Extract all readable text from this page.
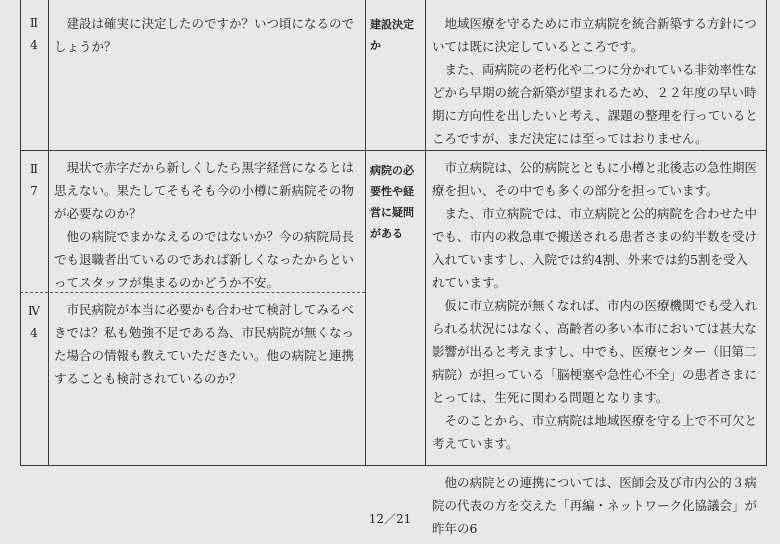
Ⅱ
4

建設は確実に決定したのですか？いつ頃になるのでしょうか？

建設決定か

地域医療を守るために市立病院を統合新築する方針については既に決定しているところです。

また、両病院の老朽化や二つに分かれている非効率性などから早期の統合新築が望まれるため、２２年度の早い時期に方向性を出したいと考え、課題の整理を行っているところですが、まだ決定には至ってはおりません。

Ⅱ
7

現状で赤字だから新しくしたら黒字経営になるとは思えない。果たしてそもそも今の小樽に新病院その物が必要なのか？

他の病院でまかなえるのではないか？今の病院局長でも退職者出ているのであれば新しくなったからといってスタッフが集まるのかどうか不安。

Ⅳ
4

市民病院が本当に必要かも合わせて検討してみるべきでは？私も勉強不足である為、市民病院が無くなった場合の情報も教えていただきたい。他の病院と連携することも検討されているのか？

病院の必要性や経営に疑問がある

市立病院は、公的病院とともに小樽と北後志の急性期医療を担い、その中でも多くの部分を担っています。

また、市立病院では、市立病院と公的病院を合わせた中でも、市内の救急車で搬送される患者さまの約半数を受け入れていますし、入院では約4割、外来では約5割を受入れています。

仮に市立病院が無くなれば、市内の医療機関でも受入れられる状況にはなく、高齢者の多い本市においては甚大な影響が出ると考えますし、中でも、医療センター（旧第二病院）が担っている「脳梗塞や急性心不全」の患者さまにとっては、生死に関わる問題となります。

そのことから、市立病院は地域医療を守る上で不可欠と考えています。

他の病院との連携については、医師会及び市内公的３病院の代表の方を交えた「再編・ネットワーク化協議会」が昨年の6

12／21
